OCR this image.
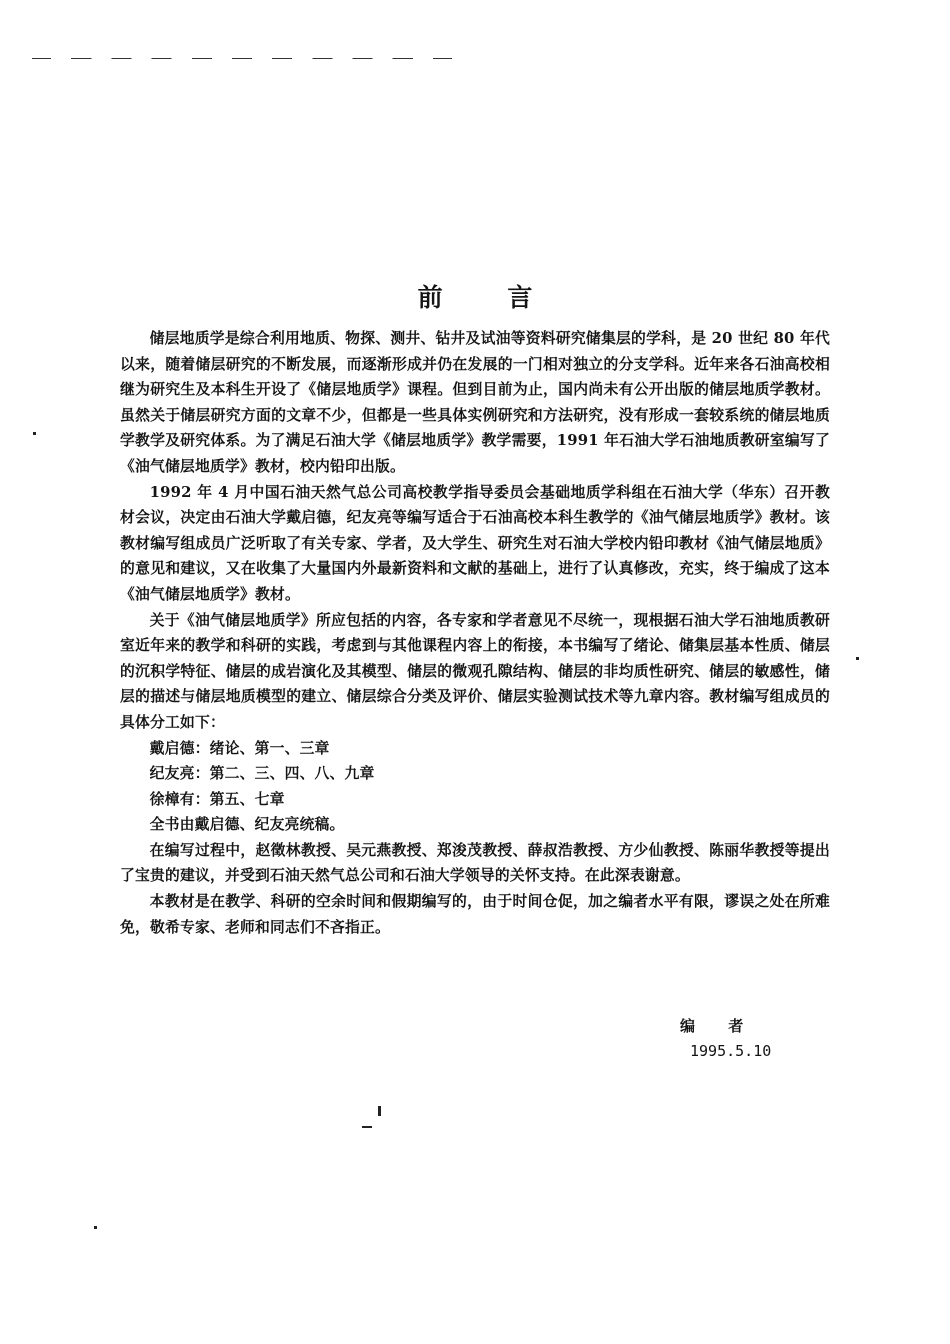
前 言

储层地质学是综合利用地质、物探、测井、钻井及试油等资料研究储集层的学科，是 20 世纪 80 年代以来，随着储层研究的不断发展，而逐渐形成并仍在发展的一门相对独立的分支学科。近年来各石油高校相继为研究生及本科生开设了《储层地质学》课程。但到目前为止，国内尚未有公开出版的储层地质学教材。虽然关于储层研究方面的文章不少，但都是一些具体实例研究和方法研究，没有形成一套较系统的储层地质学教学及研究体系。为了满足石油大学《储层地质学》教学需要，1991 年石油大学石油地质教研室编写了《油气储层地质学》教材，校内铅印出版。

1992 年 4 月中国石油天然气总公司高校教学指导委员会基础地质学科组在石油大学（华东）召开教材会议，决定由石油大学戴启德，纪友亮等编写适合于石油高校本科生教学的《油气储层地质学》教材。该教材编写组成员广泛听取了有关专家、学者，及大学生、研究生对石油大学校内铅印教材《油气储层地质》的意见和建议，又在收集了大量国内外最新资料和文献的基础上，进行了认真修改，充实，终于编成了这本《油气储层地质学》教材。

关于《油气储层地质学》所应包括的内容，各专家和学者意见不尽统一，现根据石油大学石油地质教研室近年来的教学和科研的实践，考虑到与其他课程内容上的衔接，本书编写了绪论、储集层基本性质、储层的沉积学特征、储层的成岩演化及其模型、储层的微观孔隙结构、储层的非均质性研究、储层的敏感性，储层的描述与储层地质模型的建立、储层综合分类及评价、储层实验测试技术等九章内容。教材编写组成员的具体分工如下：

戴启德：绪论、第一、三章

纪友亮：第二、三、四、八、九章

徐樟有：第五、七章

全书由戴启德、纪友亮统稿。

在编写过程中，赵徵林教授、吴元燕教授、郑浚茂教授、薛叔浩教授、方少仙教授、陈丽华教授等提出了宝贵的建议，并受到石油天然气总公司和石油大学领导的关怀支持。在此深表谢意。

本教材是在教学、科研的空余时间和假期编写的，由于时间仓促，加之编者水平有限，谬误之处在所难免，敬希专家、老师和同志们不吝指正。

编 者
1995.5.10
